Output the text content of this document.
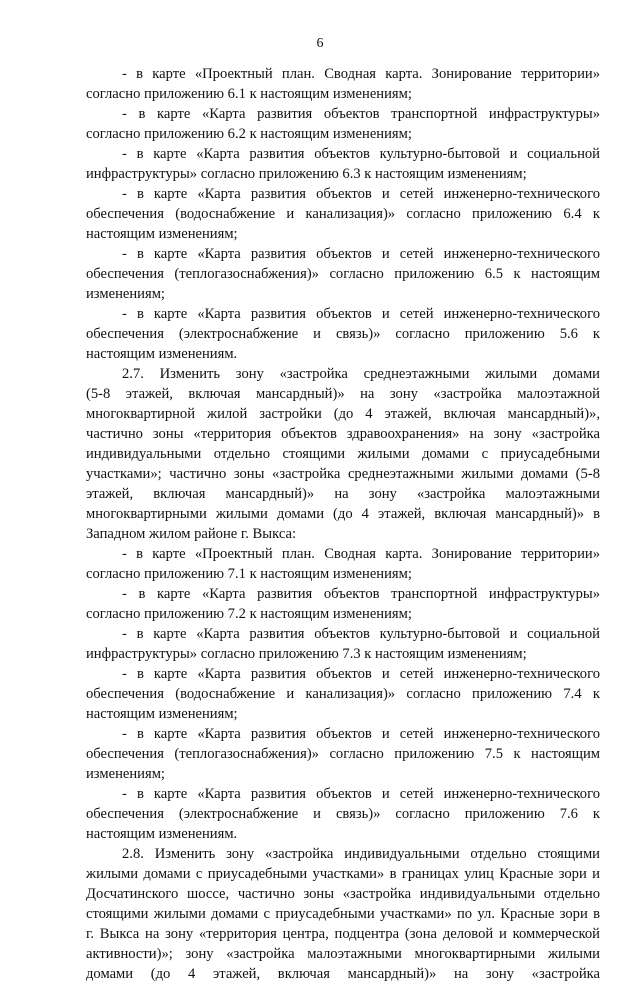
6
- в карте «Проектный план. Сводная карта. Зонирование территории»
согласно приложению 6.1 к настоящим изменениям;
- в карте «Карта развития объектов транспортной инфраструктуры»
согласно приложению 6.2 к настоящим изменениям;
- в карте «Карта развития объектов культурно-бытовой и социальной
инфраструктуры» согласно приложению 6.3 к настоящим изменениям;
- в карте «Карта развития объектов и сетей инженерно-технического
обеспечения (водоснабжение и канализация)» согласно приложению 6.4 к
настоящим изменениям;
- в карте «Карта развития объектов и сетей инженерно-технического
обеспечения (теплогазоснабжения)» согласно приложению 6.5 к настоящим
изменениям;
- в карте «Карта развития объектов и сетей инженерно-технического
обеспечения (электроснабжение и связь)» согласно приложению 5.6 к
настоящим изменениям.
2.7. Изменить зону «застройка среднеэтажными жилыми домами
(5-8 этажей, включая мансардный)» на зону «застройка малоэтажной
многоквартирной жилой застройки (до 4 этажей, включая мансардный)»,
частично зоны «территория объектов здравоохранения» на зону «застройка
индивидуальными отдельно стоящими жилыми домами с приусадебными
участками»; частично зоны «застройка среднеэтажными жилыми домами (5-8
этажей, включая мансардный)» на зону «застройка малоэтажными
многоквартирными жилыми домами (до 4 этажей, включая мансардный)» в
Западном жилом районе г. Выкса:
- в карте «Проектный план. Сводная карта. Зонирование территории»
согласно приложению 7.1 к настоящим изменениям;
- в карте «Карта развития объектов транспортной инфраструктуры»
согласно приложению 7.2 к настоящим изменениям;
- в карте «Карта развития объектов культурно-бытовой и социальной
инфраструктуры» согласно приложению 7.3 к настоящим изменениям;
- в карте «Карта развития объектов и сетей инженерно-технического
обеспечения (водоснабжение и канализация)» согласно приложению 7.4 к
настоящим изменениям;
- в карте «Карта развития объектов и сетей инженерно-технического
обеспечения (теплогазоснабжения)» согласно приложению 7.5 к настоящим
изменениям;
- в карте «Карта развития объектов и сетей инженерно-технического
обеспечения (электроснабжение и связь)» согласно приложению 7.6 к
настоящим изменениям.
2.8. Изменить зону «застройка индивидуальными отдельно стоящими
жилыми домами с приусадебными участками» в границах улиц Красные зори и
Досчатинского шоссе, частично зоны «застройка индивидуальными отдельно
стоящими жилыми домами с приусадебными участками» по ул. Красные зори в
г. Выкса на зону «территория центра, подцентра (зона деловой и коммерческой
активности)»; зону «застройка малоэтажными многоквартирными жилыми
домами (до 4 этажей, включая мансардный)» на зону «застройка
